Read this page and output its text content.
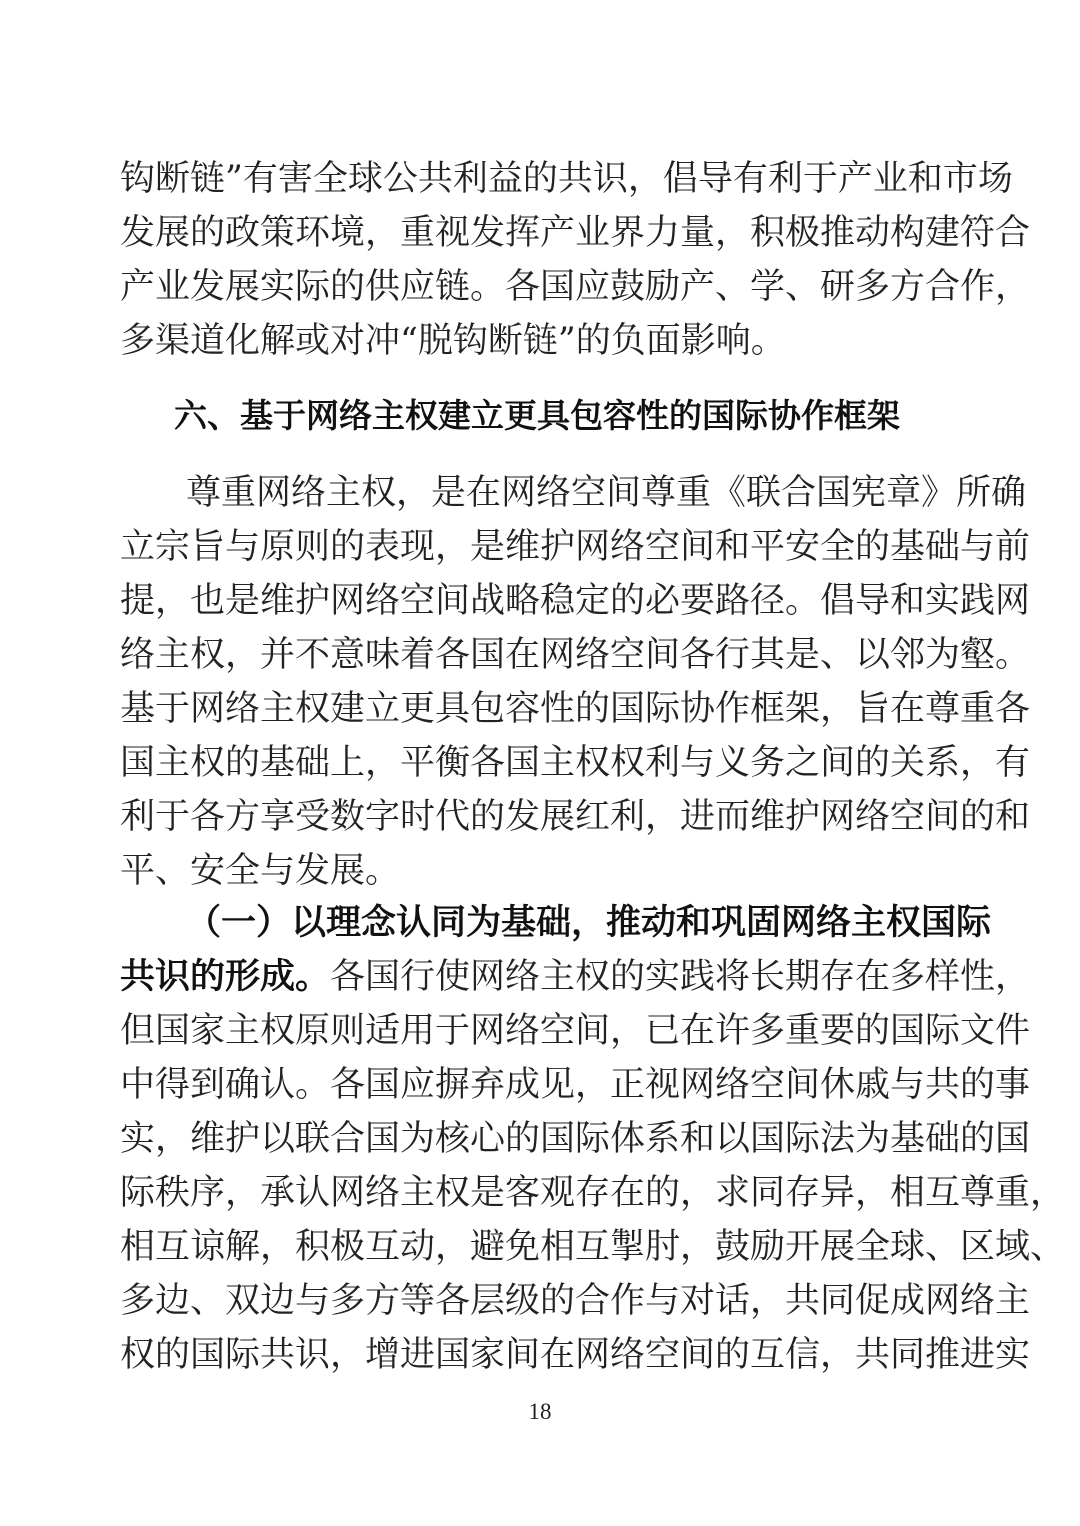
钩断链”有害全球公共利益的共识，倡导有利于产业和市场
发展的政策环境，重视发挥产业界力量，积极推动构建符合
产业发展实际的供应链。各国应鼓励产、学、研多方合作，
多渠道化解或对冲“脱钩断链”的负面影响。
六、基于网络主权建立更具包容性的国际协作框架
尊重网络主权，是在网络空间尊重《联合国宪章》所确
立宗旨与原则的表现，是维护网络空间和平安全的基础与前
提，也是维护网络空间战略稳定的必要路径。倡导和实践网
络主权，并不意味着各国在网络空间各行其是、以邻为壑。
基于网络主权建立更具包容性的国际协作框架，旨在尊重各
国主权的基础上，平衡各国主权权利与义务之间的关系，有
利于各方享受数字时代的发展红利，进而维护网络空间的和
平、安全与发展。
（一）以理念认同为基础，推动和巩固网络主权国际
共识的形成。各国行使网络主权的实践将长期存在多样性，
但国家主权原则适用于网络空间，已在许多重要的国际文件
中得到确认。各国应摒弃成见，正视网络空间休戚与共的事
实，维护以联合国为核心的国际体系和以国际法为基础的国
际秩序，承认网络主权是客观存在的，求同存异，相互尊重，
相互谅解，积极互动，避免相互掣肘，鼓励开展全球、区域、
多边、双边与多方等各层级的合作与对话，共同促成网络主
权的国际共识，增进国家间在网络空间的互信，共同推进实
18
